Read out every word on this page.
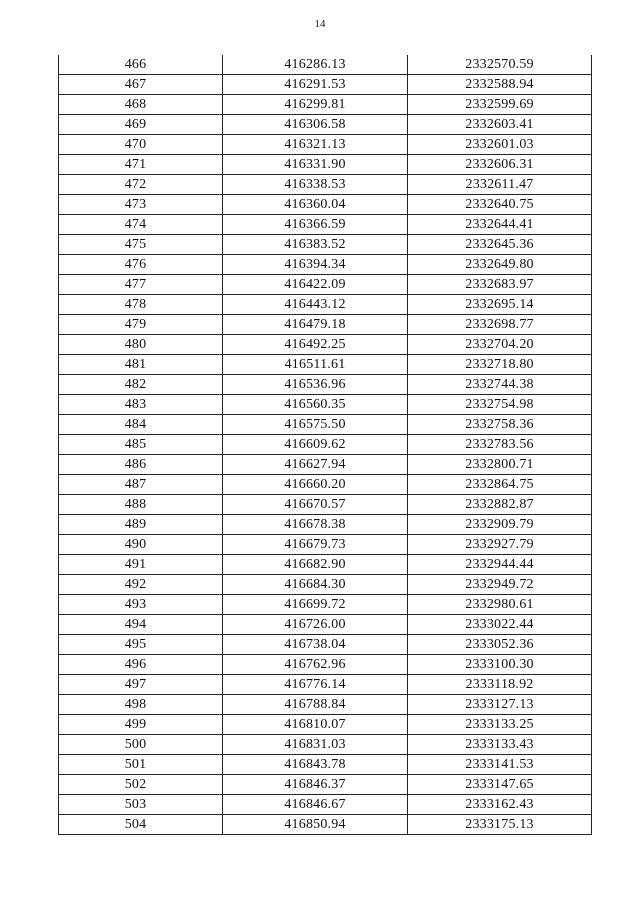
14
466	416286.13	2332570.59
467	416291.53	2332588.94
468	416299.81	2332599.69
469	416306.58	2332603.41
470	416321.13	2332601.03
471	416331.90	2332606.31
472	416338.53	2332611.47
473	416360.04	2332640.75
474	416366.59	2332644.41
475	416383.52	2332645.36
476	416394.34	2332649.80
477	416422.09	2332683.97
478	416443.12	2332695.14
479	416479.18	2332698.77
480	416492.25	2332704.20
481	416511.61	2332718.80
482	416536.96	2332744.38
483	416560.35	2332754.98
484	416575.50	2332758.36
485	416609.62	2332783.56
486	416627.94	2332800.71
487	416660.20	2332864.75
488	416670.57	2332882.87
489	416678.38	2332909.79
490	416679.73	2332927.79
491	416682.90	2332944.44
492	416684.30	2332949.72
493	416699.72	2332980.61
494	416726.00	2333022.44
495	416738.04	2333052.36
496	416762.96	2333100.30
497	416776.14	2333118.92
498	416788.84	2333127.13
499	416810.07	2333133.25
500	416831.03	2333133.43
501	416843.78	2333141.53
502	416846.37	2333147.65
503	416846.67	2333162.43
504	416850.94	2333175.13
